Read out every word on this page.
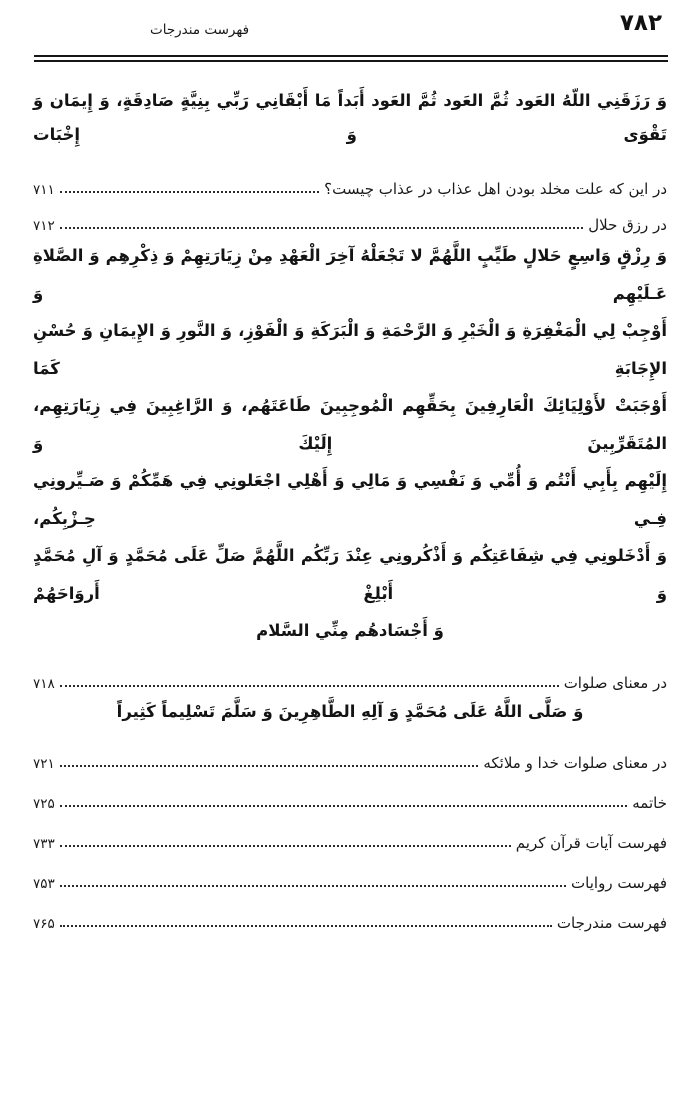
فهرست مندرجات	۷۸۲
وَ رَزَقَنِي اللّهُ العَود ثُمَّ العَود ثُمَّ العَود أَبَداً مَا أَبْقَانِي رَبِّي بِنِيَّةٍ صَادِقَةٍ، وَ إِيمَان وَ تَقْوَى وَ إِخْبَات
در این که علت مخلد بودن اهل عذاب در عذاب چیست؟
۷۱۱
در رزق حلال
۷۱۲
وَ رِزْقٍ وَاسِعٍ حَلالٍ طَيِّبٍ اللَّهُمَّ لا تَجْعَلْهُ آخِرَ الْعَهْدِ مِنْ زِيَارَتِهِمْ وَ ذِكْرِهِم وَ الصَّلاةِ عَـلَيْهِم وَ
أَوْجِبْ لِي الْمَغْفِرَةِ وَ الْخَيْرِ وَ الرَّحْمَةِ وَ الْبَرَكَةِ وَ الْفَوْزِ، وَ النَّورِ وَ الإِيمَانِ وَ حُسْنِ الإِجَابَةِ كَمَا
أَوْجَبَتْ لأَوْلِيَائِكَ الْعَارِفِينَ بِحَقِّهِم الْمُوجِبِينَ طَاعَتَهُم، وَ الرَّاغِبِينَ فِي زِيَارَتِهِم، المُتَقَرِّبِينَ إِلَيْكَ وَ
إِلَيْهِم بِأَبِي أَنْتُم وَ أُمِّي وَ نَفْسِي وَ مَالِي وَ أَهْلِي اجْعَلونِي فِي هَمِّكُمْ وَ صَـيِّرونِي فِـي حِـزْبِكُم،
وَ أَدْخَلونِي فِي شِفَاعَتِكُم وَ أَذْكُرونِي عِنْدَ رَبِّكُم اللَّهُمَّ صَلِّ عَلَى مُحَمَّدٍ وَ آلِ مُحَمَّدٍ وَ أَبْلِغْ أَروَاحَهُمْ
وَ أَجْسَادهُم مِنِّي السَّلام
در معنای صلوات
۷۱۸
وَ صَلَّى اللَّهُ عَلَى مُحَمَّدٍ وَ آلِهِ الطَّاهِرِينَ وَ سَلَّمَ تَسْلِيماً كَثِيراً
در معنای صلوات خدا و ملائکه
۷۲۱
خاتمه
۷۲۵
فهرست آیات قرآن کریم
۷۳۳
فهرست روایات
۷۵۳
فهرست مندرجات
۷۶۵
